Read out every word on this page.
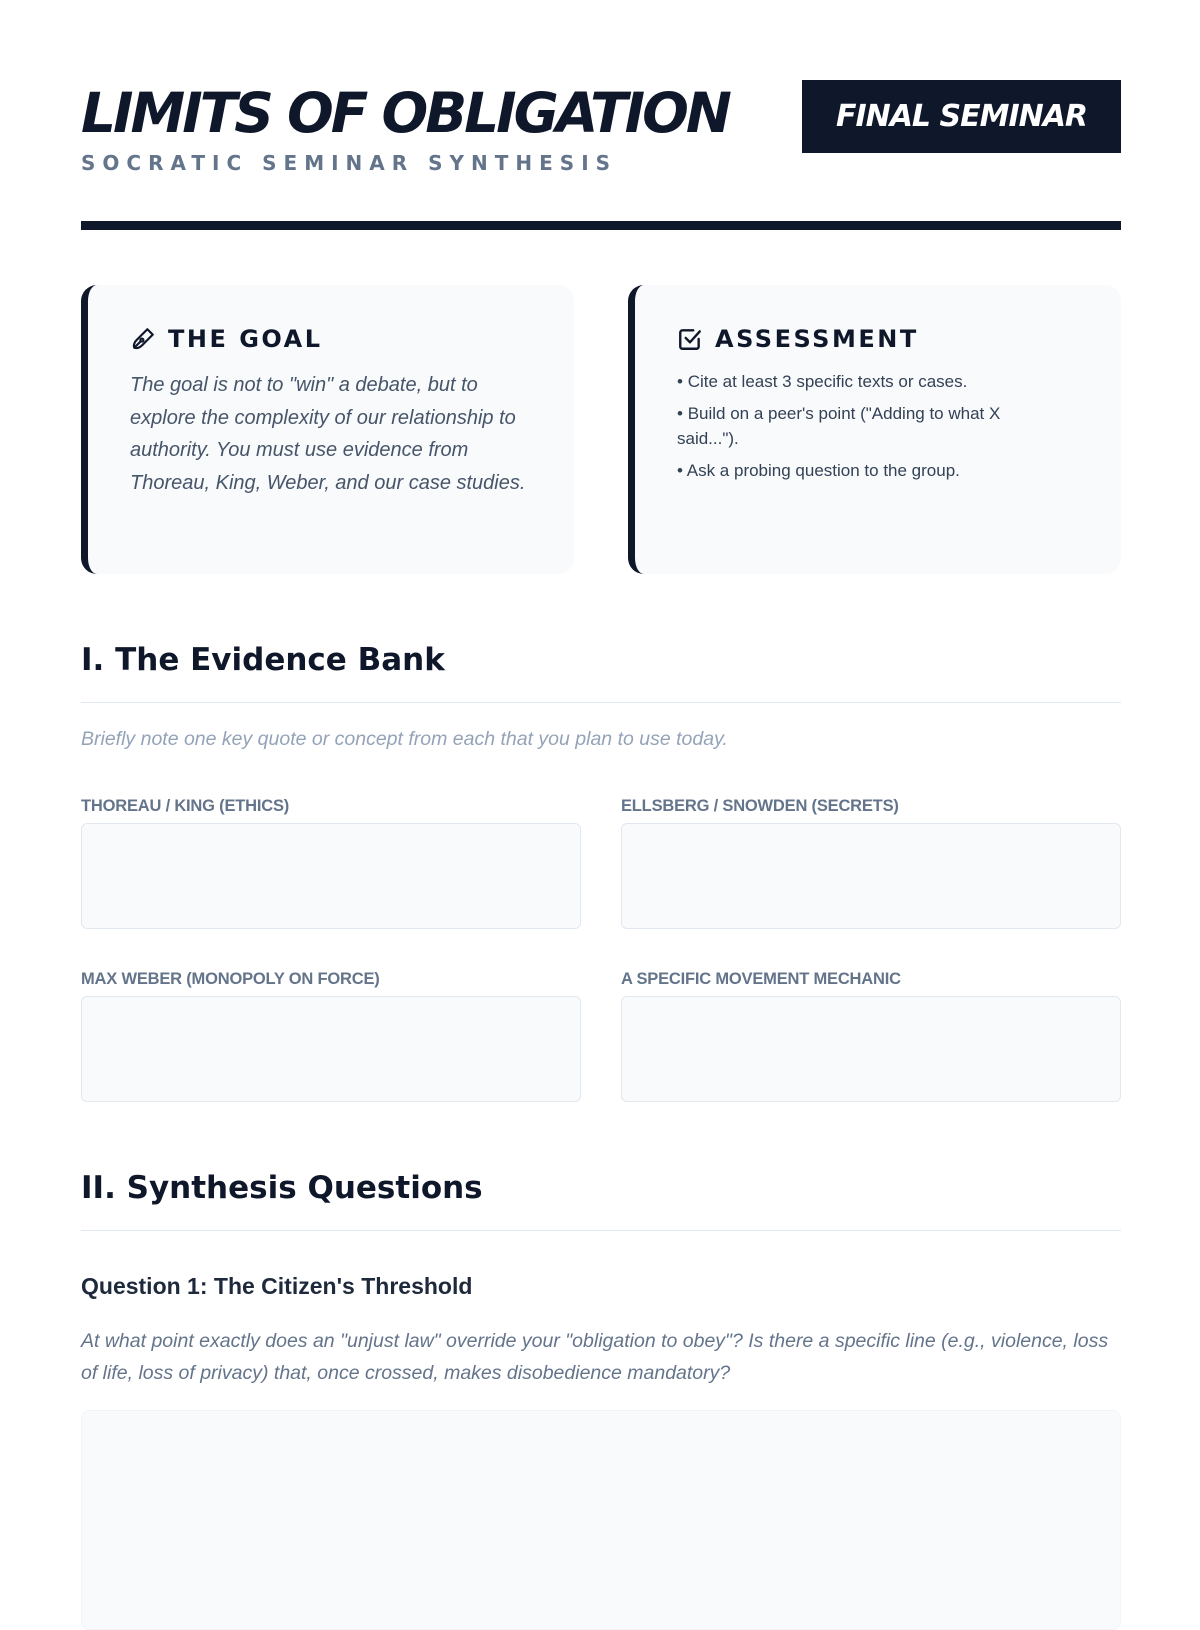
LIMITS OF OBLIGATION
SOCRATIC SEMINAR SYNTHESIS
FINAL SEMINAR
THE GOAL

The goal is not to "win" a debate, but to explore the complexity of our relationship to authority. You must use evidence from Thoreau, King, Weber, and our case studies.

ASSESSMENT
• Cite at least 3 specific texts or cases.
• Build on a peer's point ("Adding to what X said...").
• Ask a probing question to the group.
I. The Evidence Bank

Briefly note one key quote or concept from each that you plan to use today.

THOREAU / KING (ETHICS)	ELLSBERG / SNOWDEN (SECRETS)
MAX WEBER (MONOPOLY ON FORCE)	A SPECIFIC MOVEMENT MECHANIC
II. Synthesis Questions
Question 1: The Citizen's Threshold

At what point exactly does an "unjust law" override your "obligation to obey"? Is there a specific line (e.g., violence, loss of life, loss of privacy) that, once crossed, makes disobedience mandatory?
